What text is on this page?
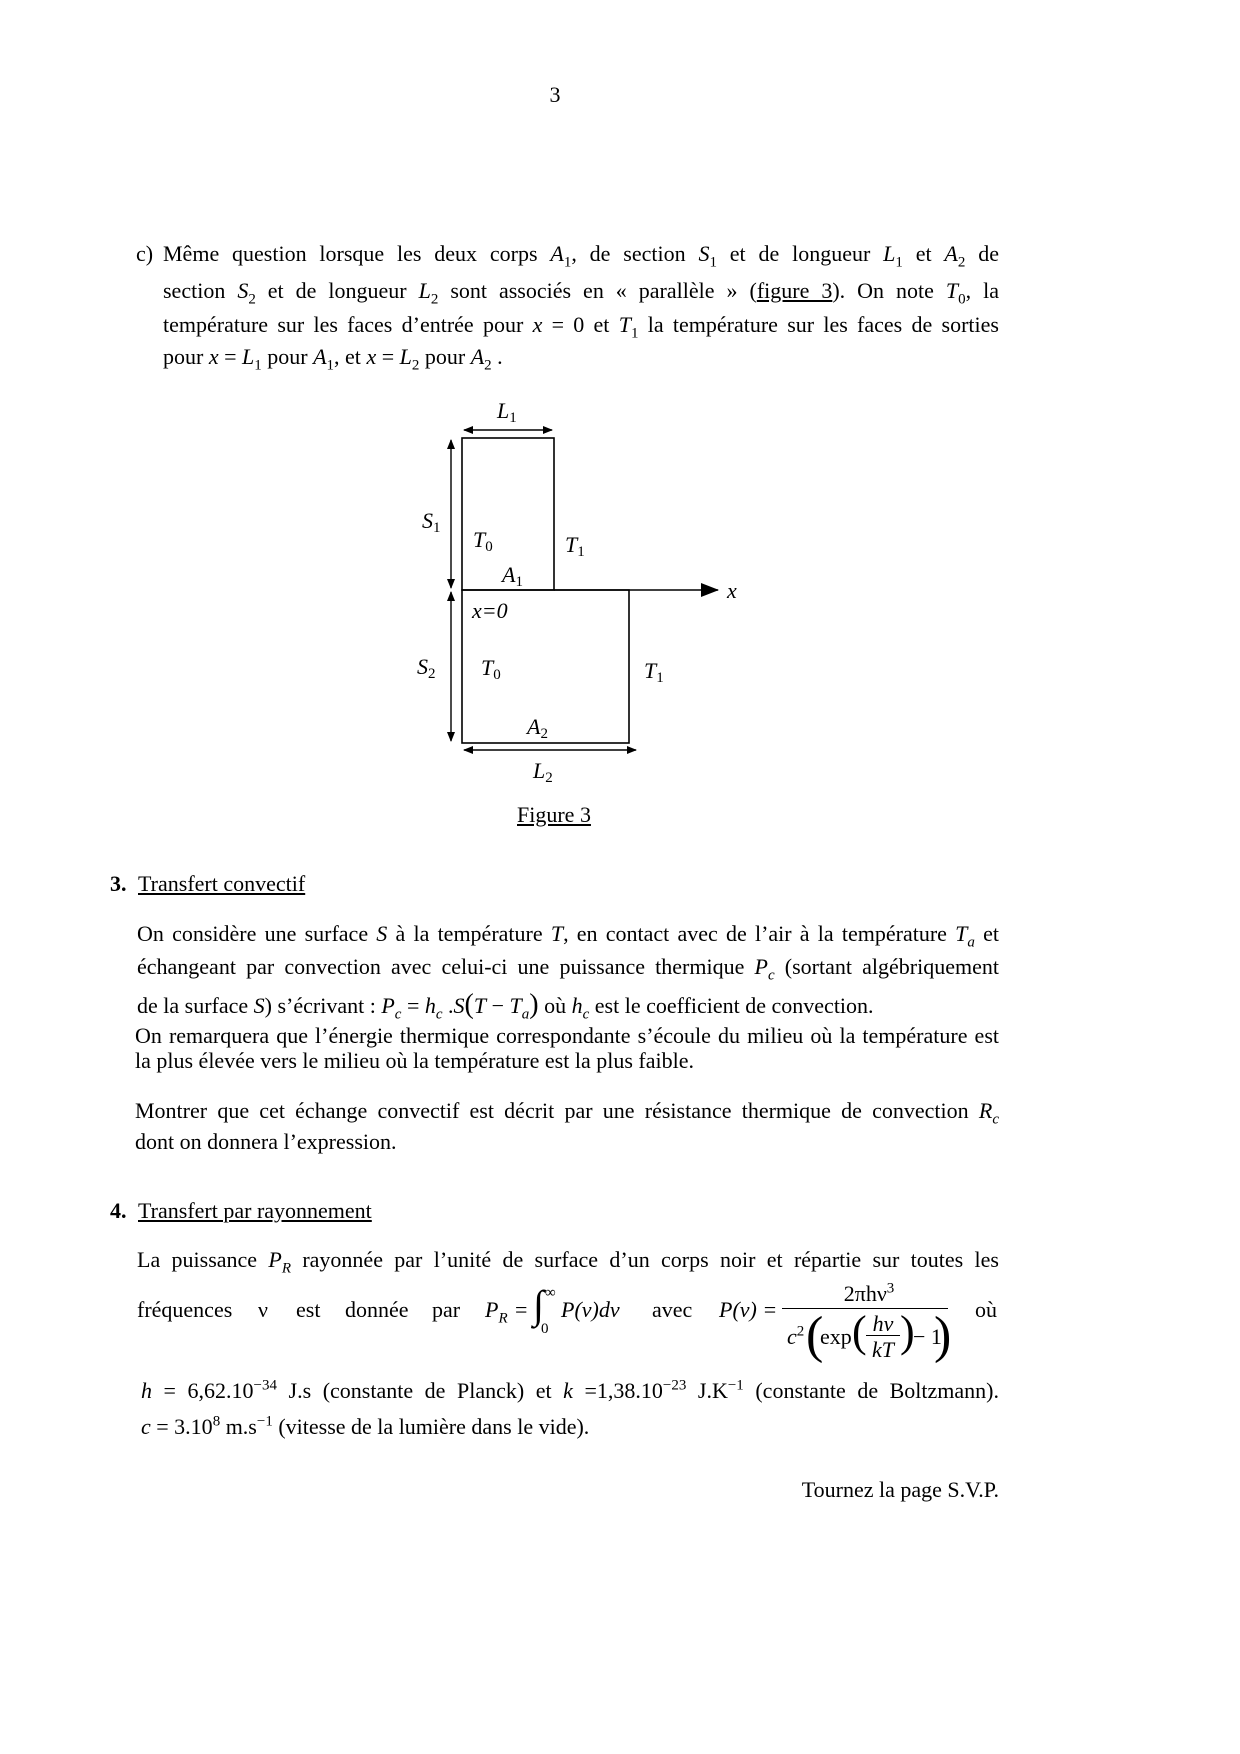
3
c) Même question lorsque les deux corps $A_1$, de section $S_1$ et de longueur $L_1$ et $A_2$ de
section $S_2$ et de longueur $L_2$ sont associés en « parallèle » (figure 3). On note $T_0$, la
température sur les faces d’entrée pour x = 0 et $T_1$ la température sur les faces de sorties
pour $x = L_1$ pour $A_1$, et $x = L_2$ pour $A_2$ .
L1
S1 T0	T1
A1	x
x=0
S2 T0	T1
A2
L2
Figure 3
3. Transfert convectif
On considère une surface S à la température T, en contact avec de l’air à la température $T_a$ et
échangeant par convection avec celui-ci une puissance thermique $P_c$ (sortant algébriquement
de la surface S) s’écrivant : $P_c = h_c$ $.S(T - T_a)$ où $h_c$ est le coefficient de convection.
On remarquera que l’énergie thermique correspondante s’écoule du milieu où la température est
la plus élevée vers le milieu où la température est la plus faible.
Montrer que cet échange convectif est décrit par une résistance thermique de convection $R_c$
dont on donnera l’expression.
4. Transfert par rayonnement
La puissance $P_R$ rayonnée par l’unité de surface d’un corps noir et répartie sur toutes les
fréquences ν est donnée par $P_R$ = ∫ ∞
0
P(ν)dν avec P(ν) =
2πhν$^3$
$c^2$ (
exp ( hν
kT )
− 1
) où
$h = 6,62.10^{-34}$ J.s (constante de Planck) et $k =1,38.10^{-23}$ $J.K^{-1}$ (constante de Boltzmann).
$c = 3.10^8$ $m.s^{-1}$ (vitesse de la lumière dans le vide).
Tournez la page S.V.P.
